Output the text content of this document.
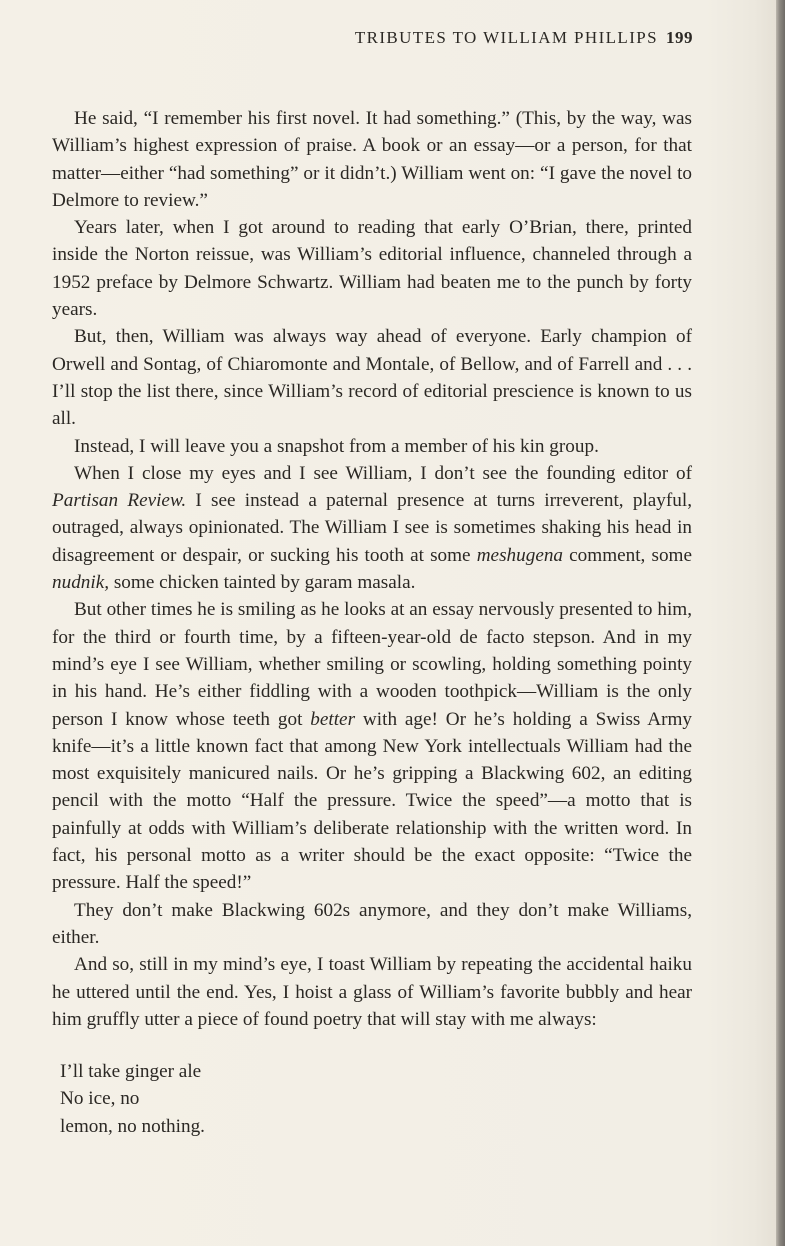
TRIBUTES TO WILLIAM PHILLIPS 199

He said, “I remember his first novel. It had something.” (This, by the way, was William’s highest expression of praise. A book or an essay—or a person, for that matter—either “had something” or it didn’t.) William went on: “I gave the novel to Delmore to review.”

Years later, when I got around to reading that early O’Brian, there, printed inside the Norton reissue, was William’s editorial influence, channeled through a 1952 preface by Delmore Schwartz. William had beaten me to the punch by forty years.

But, then, William was always way ahead of everyone. Early champion of Orwell and Sontag, of Chiaromonte and Montale, of Bellow, and of Farrell and . . . I’ll stop the list there, since William’s record of editorial prescience is known to us all.

Instead, I will leave you a snapshot from a member of his kin group.

When I close my eyes and I see William, I don’t see the founding editor of Partisan Review. I see instead a paternal presence at turns irreverent, playful, outraged, always opinionated. The William I see is sometimes shaking his head in disagreement or despair, or sucking his tooth at some meshugena comment, some nudnik, some chicken tainted by garam masala.

But other times he is smiling as he looks at an essay nervously presented to him, for the third or fourth time, by a fifteen-year-old de facto stepson. And in my mind’s eye I see William, whether smiling or scowling, holding something pointy in his hand. He’s either fiddling with a wooden toothpick—William is the only person I know whose teeth got better with age! Or he’s holding a Swiss Army knife—it’s a little known fact that among New York intellectuals William had the most exquisitely manicured nails. Or he’s gripping a Blackwing 602, an editing pencil with the motto “Half the pressure. Twice the speed”—a motto that is painfully at odds with William’s deliberate relationship with the written word. In fact, his personal motto as a writer should be the exact opposite: “Twice the pressure. Half the speed!”

They don’t make Blackwing 602s anymore, and they don’t make Williams, either.

And so, still in my mind’s eye, I toast William by repeating the accidental haiku he uttered until the end. Yes, I hoist a glass of William’s favorite bubbly and hear him gruffly utter a piece of found poetry that will stay with me always:

I’ll take ginger ale
No ice, no
lemon, no nothing.
